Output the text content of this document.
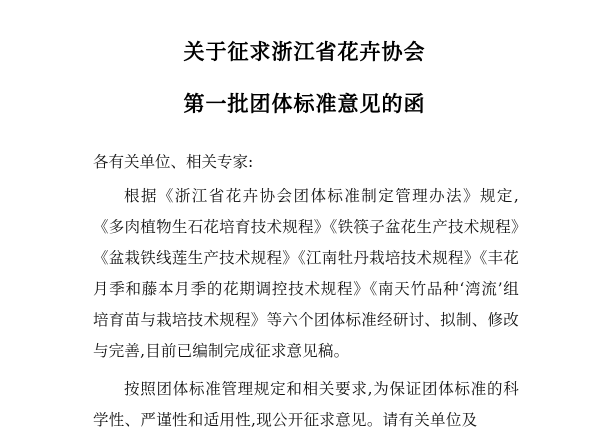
关于征求浙江省花卉协会
第一批团体标准意见的函
各有关单位、相关专家:
根据《浙江省花卉协会团体标准制定管理办法》规定,《多肉植物生石花培育技术规程》《铁筷子盆花生产技术规程》《盆栽铁线莲生产技术规程》《江南牡丹栽培技术规程》《丰花月季和藤本月季的花期调控技术规程》《南天竹品种‘湾流’组培育苗与栽培技术规程》等六个团体标准经研讨、拟制、修改与完善,目前已编制完成征求意见稿。
按照团体标准管理规定和相关要求,为保证团体标准的科学性、严谨性和适用性,现公开征求意见。请有关单位及
